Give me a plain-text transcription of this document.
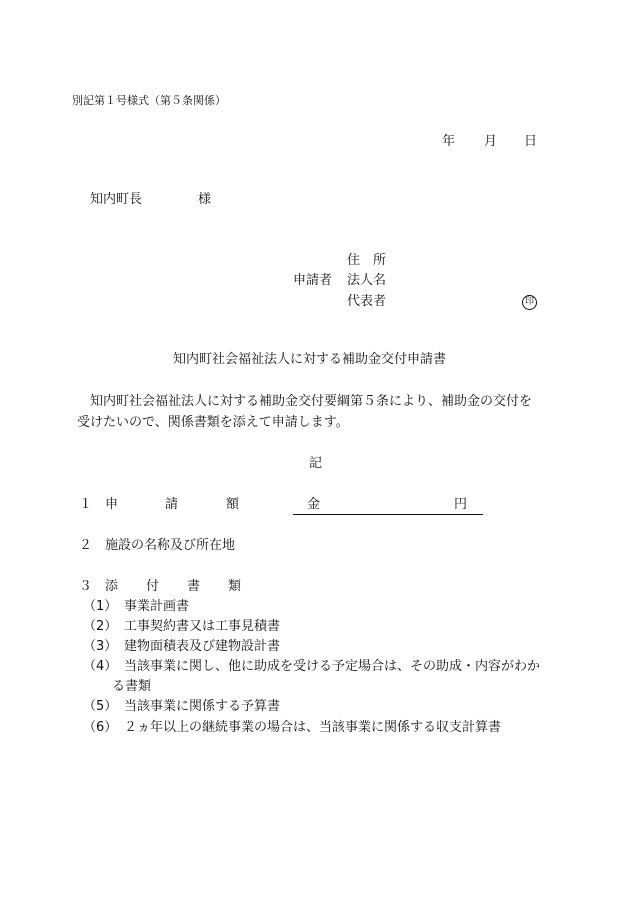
別記第１号様式（第５条関係）
年 月 日
知内町長	様
住　所
申請者 法人名
代表者	印
知内町社会福祉法人に対する補助金交付申請書
知内町社会福祉法人に対する補助金交付要綱第５条により、補助金の交付を
受けたいので、関係書類を添えて申請します。
記
１ 申	請	額	金	円
２ 施設の名称及び所在地
３ 添 付 書 類
（1） 事業計画書
（2） 工事契約書又は工事見積書
（3） 建物面積表及び建物設計書
（4） 当該事業に関し、他に助成を受ける予定場合は、その助成・内容がわか
る書類
（5） 当該事業に関係する予算書
（6） ２ヵ年以上の継続事業の場合は、当該事業に関係する収支計算書
